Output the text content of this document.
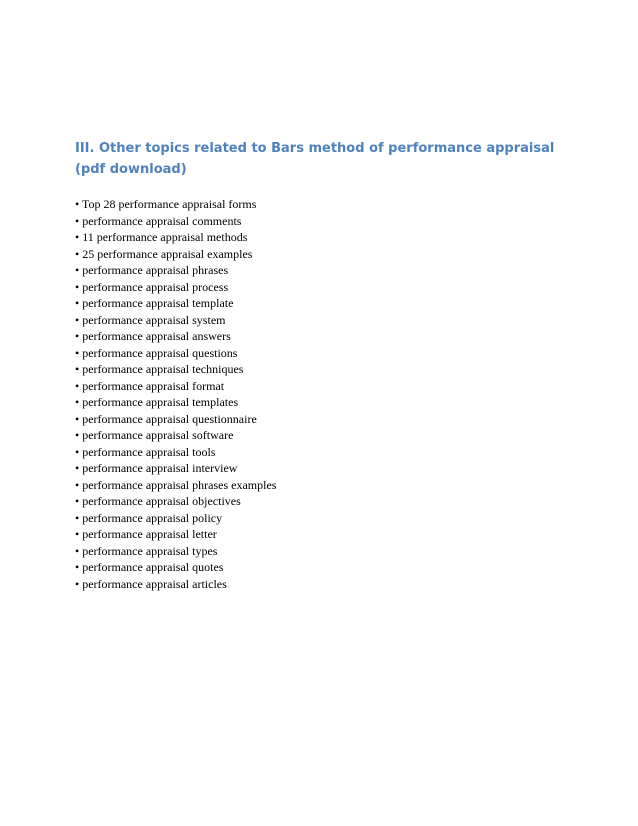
III. Other topics related to Bars method of performance appraisal (pdf download)
• Top 28 performance appraisal forms
• performance appraisal comments
• 11 performance appraisal methods
• 25 performance appraisal examples
• performance appraisal phrases
• performance appraisal process
• performance appraisal template
• performance appraisal system
• performance appraisal answers
• performance appraisal questions
• performance appraisal techniques
• performance appraisal format
• performance appraisal templates
• performance appraisal questionnaire
• performance appraisal software
• performance appraisal tools
• performance appraisal interview
• performance appraisal phrases examples
• performance appraisal objectives
• performance appraisal policy
• performance appraisal letter
• performance appraisal types
• performance appraisal quotes
• performance appraisal articles
